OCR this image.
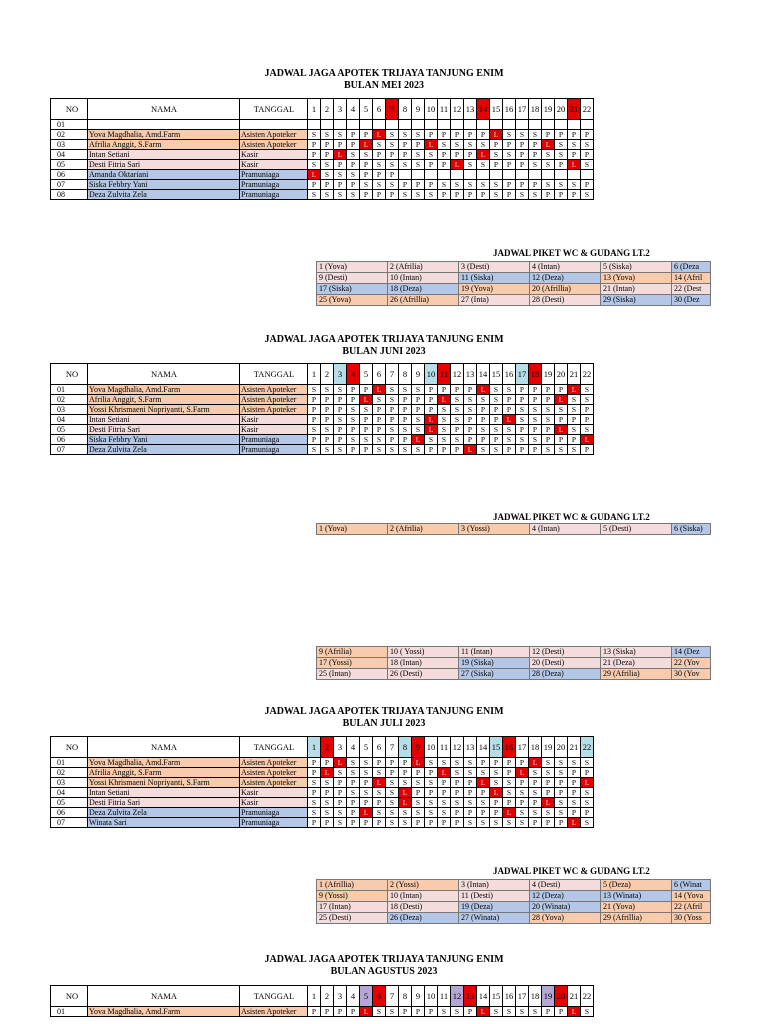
JADWAL JAGA APOTEK TRIJAYA TANJUNG ENIM
BULAN MEI 2023
NO	NAMA	TANGGAL	1	2	3	4	5	6	7	8	9	10	11	12	13	14	15	16	17	18	19	20	21	22
01																								
02	Yova Magdhalia, Amd.Farm	Asisten Apoteker	S	S	S	P	P	L	S	S	S	P	P	P	P	P	L	S	S	S	P	P	P	P
03	Afrilia Anggit, S.Farm	Asisten Apoteker	P	P	P	P	L	S	S	P	P	L	S	S	S	S	P	P	P	P	L	S	S	S
04	Intan Setiani	Kasir	P	P	L	S	S	P	P	P	S	S	P	P	P	L	S	S	P	P	S	S	P	P
05	Desti Fitria Sari	Kasir	S	S	P	P	P	S	S	S	S	P	P	L	S	S	P	P	P	S	S	P	L	S
06	Amanda Oktariani	Pramuniaga	L	S	S	S	P	P	P															
07	Siska Febbry Yani	Pramuniaga	P	P	P	P	S	S	S	P	P	P	S	S	S	S	S	P	P	P	S	S	S	P
08	Deza Zulvita Zela	Pramuniaga	S	S	S	S	P	P	P	S	S	S	P	P	P	P	S	P	S	S	P	P	P	S
JADWAL PIKET WC & GUDANG LT.2
1 (Yova)	2 (Afrilia)	3 (Desti)	4 (Intan)	5 (Siska)	6 (Deza
9 (Desti)	10 (Intan)	11 (Siska)	12 (Deza)	13 (Yova)	14 (Afril
17 (Siska)	18 (Deza)	19 (Yova)	20 (Afrillia)	21 (Intan)	22 (Dest
25 (Yova)	26 (Afrillia)	27 (Inta)	28 (Desti)	29 (Siska)	30 (Dez
JADWAL JAGA APOTEK TRIJAYA TANJUNG ENIM
BULAN JUNI 2023
NO	NAMA	TANGGAL	1	2	3	4	5	6	7	8	9	10	11	12	13	14	15	16	17	18	19	20	21	22
01	Yova Magdhalia, Amd.Farm	Asisten Apoteker	S	S	S	P	P	L	S	S	S	P	P	P	P	L	S	S	P	P	P	P	L	S
02	Afrilia Anggit, S.Farm	Asisten Apoteker	P	P	P	P	L	S	S	P	P	P	L	S	S	S	S	P	P	P	P	L	S	S
03	Yossi Khrismaeni Nopriyanti, S.Farm	Asisten Apoteker	P	P	P	S	S	P	P	P	P	P	S	S	S	P	P	P	S	S	S	S	S	P
04	Intan Setiani	Kasir	P	P	S	S	P	P	P	P	S	L	S	S	P	P	P	L	S	S	S	P	P	P
05	Desti Fitria Sari	Kasir	S	S	P	P	P	P	S	S	S	L	S	P	P	S	S	S	P	P	P	L	S	S
06	Siska Febbry Yani	Pramuniaga	P	P	P	S	S	S	P	P	L	S	S	S	P	P	P	S	S	S	P	P	P	L
07	Deza Zulvita Zela	Pramuniaga	S	S	S	P	P	S	S	S	S	P	P	P	L	S	S	P	P	P	S	S	S	P
JADWAL PIKET WC & GUDANG LT.2
1 (Yova)	2 (Afrilia)	3 (Yossi)	4 (Intan)	5 (Desti)	6 (Siska)
9 (Afrilia)	10 ( Yossi)	11 (Intan)	12 (Desti)	13 (Siska)	14 (Dez
17 (Yossi)	18 (Intan)	19 (Siska)	20 (Desti)	21 (Deza)	22 (Yov
25 (Intan)	26 (Desti)	27 (Siska)	28 (Deza)	29 (Afrilia)	30 (Yov
JADWAL JAGA APOTEK TRIJAYA TANJUNG ENIM
BULAN JULI 2023
NO	NAMA	TANGGAL	1	2	3	4	5	6	7	8	9	10	11	12	13	14	15	16	17	18	19	20	21	22
01	Yova Magdhalia, Amd.Farm	Asisten Apoteker	P	P	L	S	S	P	P	P	L	S	S	S	S	P	P	P	P	L	S	S	S	S
02	Afrilia Anggit, S.Farm	Asisten Apoteker	P	L	S	S	S	S	P	P	P	P	L	S	S	S	S	P	L	S	S	S	P	P
03	Yossi Khrismaeni Nopriyanti, S.Farm	Asisten Apoteker	S	S	P	P	P	L	S	S	S	S	P	P	P	L	S	S	P	P	P	P	P	L
04	Intan Setiani	Kasir	P	P	P	S	S	S	S	L	P	P	P	P	P	P	L	S	S	S	P	P	P	S
05	Desti Fitria Sari	Kasir	S	S	P	P	P	P	S	L	S	S	S	S	S	S	P	P	P	P	L	S	S	S
06	Deza Zulvita Zela	Pramuniaga	S	S	S	P	L	S	S	S	S	S	S	P	P	P	P	L	S	S	S	S	P	P
07	Winata Sari	Pramuniaga	P	P	S	P	P	P	S	S	P	P	P	P	S	S	S	S	S	P	P	P	L	S
JADWAL PIKET WC & GUDANG LT.2
1 (Afrillia)	2 (Yossi)	3 (Intan)	4 (Desti)	5 (Deza)	6 (Winat
9 (Yossi)	10 (Intan)	11 (Desti)	12 (Deza)	13 (Winata)	14 (Yova
17 (Intan)	18 (Desti)	19 (Deza)	20 (Winata)	21 (Yova)	22 (Afril
25 (Desti)	26 (Deza)	27 (Winata)	28 (Yova)	29 (Afrillia)	30 (Yoss
JADWAL JAGA APOTEK TRIJAYA TANJUNG ENIM
BULAN AGUSTUS 2023
NO	NAMA	TANGGAL	1	2	3	4	5	6	7	8	9	10	11	12	13	14	15	16	17	18	19	20	21	22
01	Yova Magdhalia, Amd.Farm	Asisten Apoteker	P	P	P	P	L	S	S	P	P	P	S	S	P	L	S	S	S	S	P	P	L	S
